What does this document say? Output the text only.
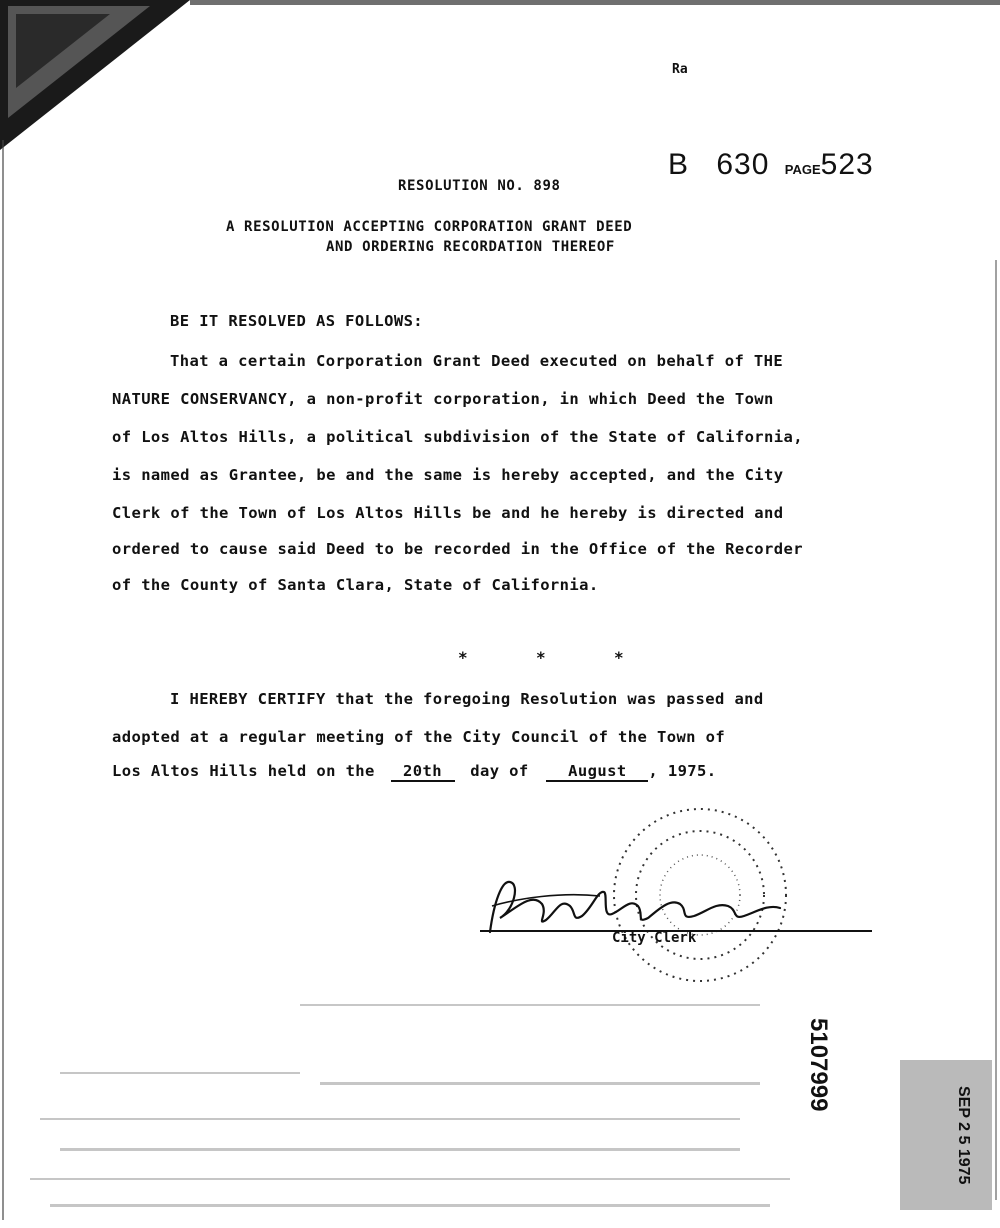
Ra
B 630 PAGE523
RESOLUTION NO. 898
A RESOLUTION ACCEPTING CORPORATION GRANT DEED
AND ORDERING RECORDATION THEREOF
BE IT RESOLVED AS FOLLOWS:
That a certain Corporation Grant Deed executed on behalf of THE
NATURE CONSERVANCY, a non-profit corporation, in which Deed the Town
of Los Altos Hills, a political subdivision of the State of California,
is named as Grantee, be and the same is hereby accepted, and the City
Clerk of the Town of Los Altos Hills be and he hereby is directed and
ordered to cause said Deed to be recorded in the Office of the Recorder
of the County of Santa Clara, State of California.
*	*	*
I HEREBY CERTIFY that the foregoing Resolution was passed and
adopted at a regular meeting of the City Council of the Town of
Los Altos Hills held on the 20th day of	August , 1975.
City Clerk
5107999
SEP 2 5 1975
